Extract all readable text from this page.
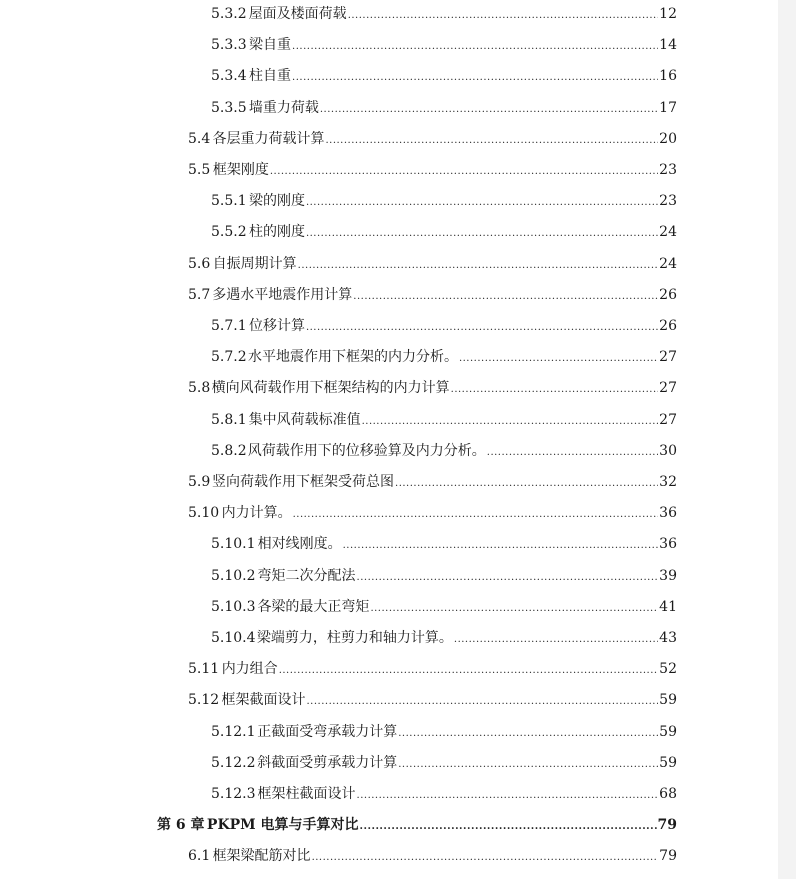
5.3.2 屋面及楼面荷载 .....	12
5.3.3 梁自重 .....	14
5.3.4 柱自重 .....	16
5.3.5 墙重力荷载 .....	17
5.4 各层重力荷载计算 .....	20
5.5 框架刚度 .....	23
5.5.1 梁的刚度 .....	23
5.5.2 柱的刚度 .....	24
5.6 自振周期计算 .....	24
5.7 多遇水平地震作用计算 .....	26
5.7.1 位移计算 .....	26
5.7.2 水平地震作用下框架的内力分析。 .....	27
5.8 横向风荷载作用下框架结构的内力计算 .....	27
5.8.1 集中风荷载标准值 .....	27
5.8.2 风荷载作用下的位移验算及内力分析。 .....	30
5.9 竖向荷载作用下框架受荷总图 .....	32
5.10 内力计算。 .....	36
5.10.1 相对线刚度。 .....	36
5.10.2 弯矩二次分配法 .....	39
5.10.3 各梁的最大正弯矩 .....	41
5.10.4 梁端剪力，柱剪力和轴力计算。 .....	43
5.11 内力组合 .....	52
5.12 框架截面设计 .....	59
5.12.1 正截面受弯承载力计算 .....	59
5.12.2 斜截面受剪承载力计算 .....	59
5.12.3 框架柱截面设计 .....	68
第 6 章 PKPM 电算与手算对比 .....	79
6.1 框架梁配筋对比 .....	79
